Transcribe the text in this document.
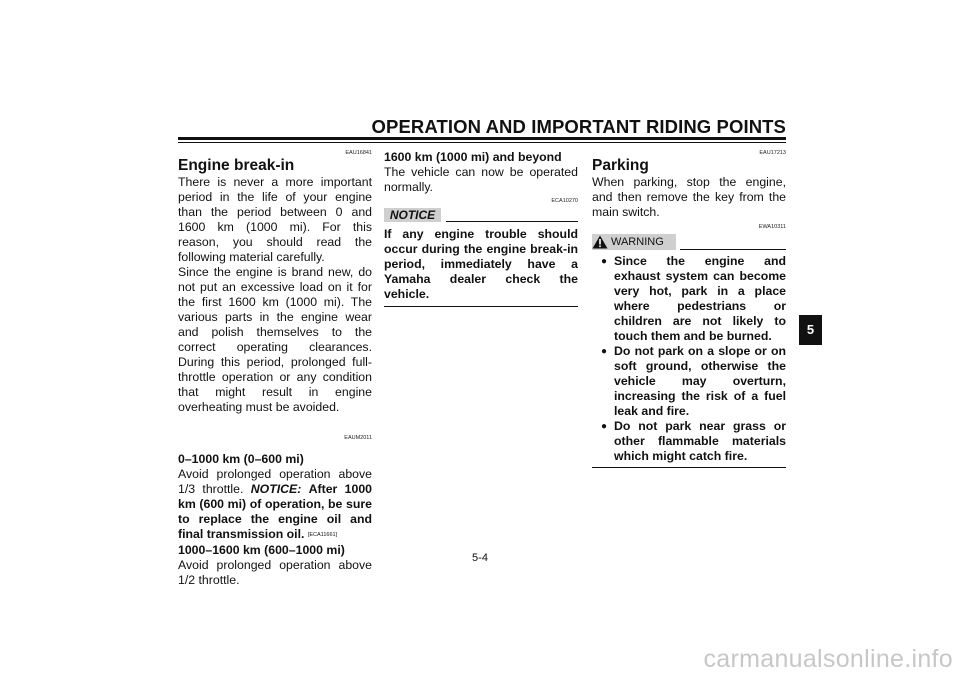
OPERATION AND IMPORTANT RIDING POINTS
EAU16841
Engine break-in

There is never a more important period in the life of your engine than the period between 0 and 1600 km (1000 mi). For this reason, you should read the following material carefully.

Since the engine is brand new, do not put an excessive load on it for the first 1600 km (1000 mi). The various parts in the engine wear and polish themselves to the correct operating clearances. During this period, prolonged full-throttle operation or any condition that might result in engine overheating must be avoided.

EAUM2011

0–1000 km (0–600 mi)

Avoid prolonged operation above 1/3 throttle. NOTICE: After 1000 km (600 mi) of operation, be sure to replace the engine oil and final transmission oil. [ECA11661]

1000–1600 km (600–1000 mi)

Avoid prolonged operation above 1/2 throttle.

1600 km (1000 mi) and beyond

The vehicle can now be operated normally.

ECA10270
NOTICE

If any engine trouble should occur during the engine break-in period, immediately have a Yamaha dealer check the vehicle.

EAU17213
Parking

When parking, stop the engine, and then remove the key from the main switch.

EWA10311
WARNING
● Since the engine and exhaust system can become very hot, park in a place where pedestrians or children are not likely to touch them and be burned.
● Do not park on a slope or on soft ground, otherwise the vehicle may overturn, increasing the risk of a fuel leak and fire.
● Do not park near grass or other flammable materials which might catch fire.
5
5-4
carmanualsonline.info
